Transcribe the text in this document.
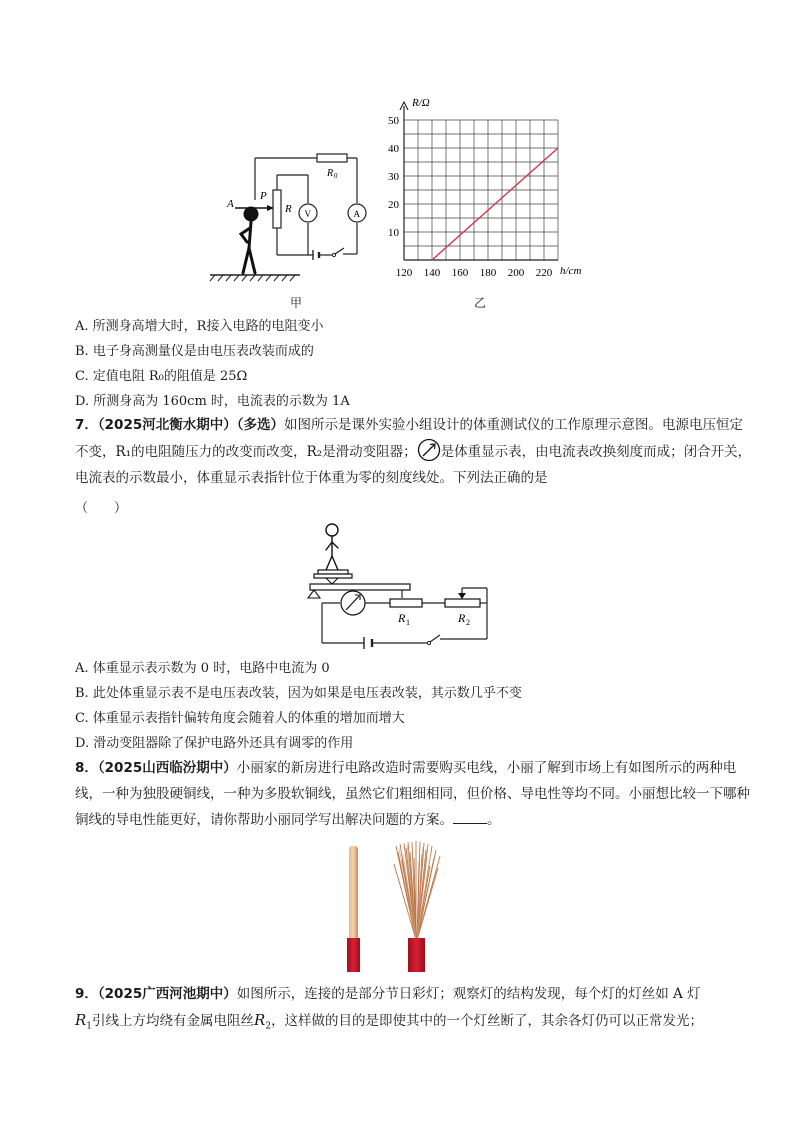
A
P
R
R 0
V	A
甲
120 140 160 180 200 220
10
20
30
40
50
R/Ω
h/cm
乙
A. 所测身高增大时，R接入电路的电阻变小
B. 电子身高测量仪是由电压表改装而成的
C. 定值电阻 R₀的阻值是 25Ω
D. 所测身高为 160cm 时，电流表的示数为 1A
7．（2025河北衡水期中）（多选）如图所示是课外实验小组设计的体重测试仪的工作原理示意图。电源电压恒定不变，R₁的电阻随压力的改变而改变，R₂是滑动变阻器； 是体重显示表，由电流表改换刻度而成；闭合开关，电流表的示数最小，体重显示表指针位于体重为零的刻度线处。下列法正确的是
（　　）
R 1	R 2
A. 体重显示表示数为 0 时，电路中电流为 0
B. 此处体重显示表不是电压表改装，因为如果是电压表改装，其示数几乎不变
C. 体重显示表指针偏转角度会随着人的体重的增加而增大
D. 滑动变阻器除了保护电路外还具有调零的作用
8．（2025山西临汾期中）小丽家的新房进行电路改造时需要购买电线，小丽了解到市场上有如图所示的两种电线，一种为独股硬铜线，一种为多股软铜线，虽然它们粗细相同，但价格、导电性等均不同。小丽想比较一下哪种铜线的导电性能更好，请你帮助小丽同学写出解决问题的方案。	。
9．（2025广西河池期中）如图所示，连接的是部分节日彩灯；观察灯的结构发现，每个灯的灯丝如 A 灯
$R_1$引线上方均绕有金属电阻丝$R_2$，这样做的目的是即使其中的一个灯丝断了，其余各灯仍可以正常发光；
